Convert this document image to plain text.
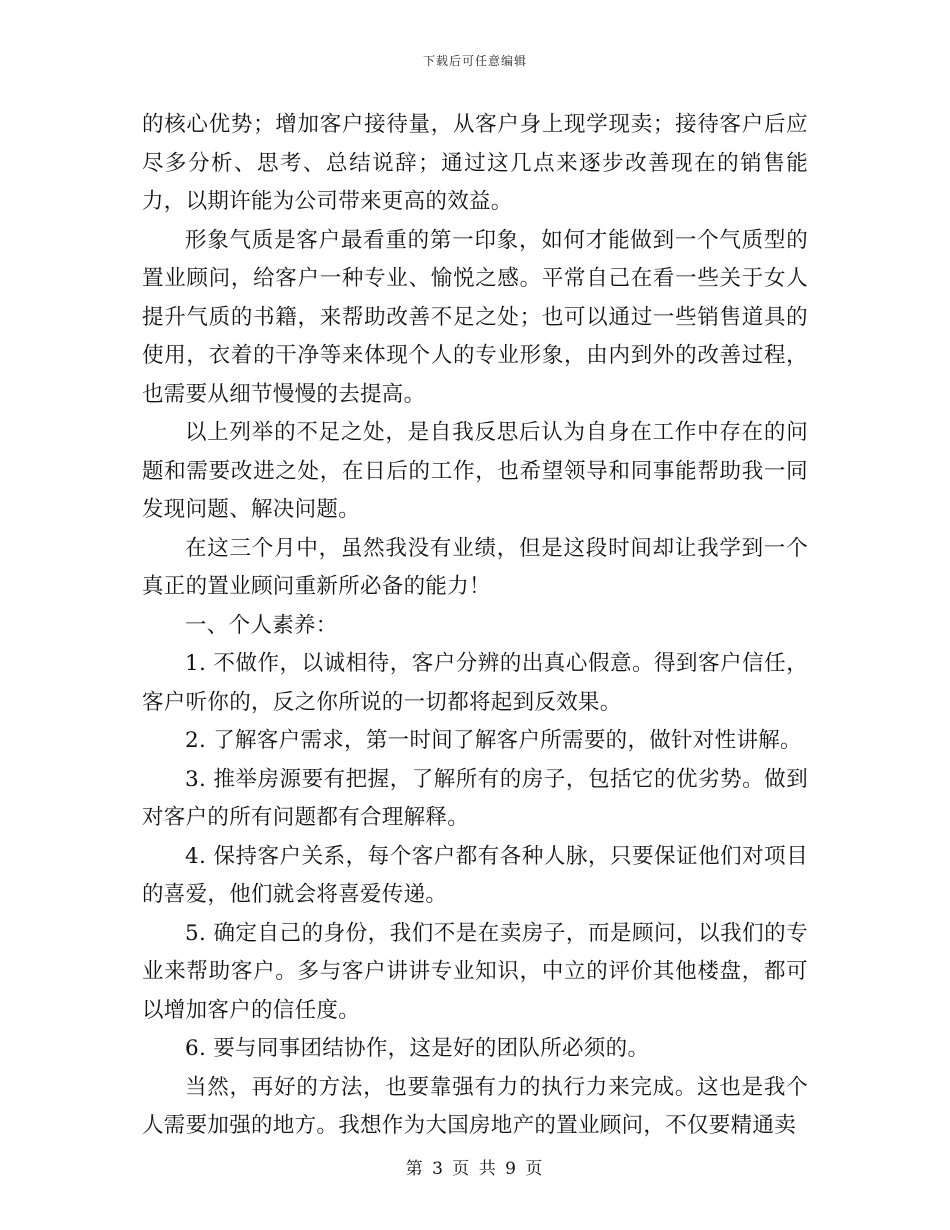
下载后可任意编辑

的核心优势；增加客户接待量，从客户身上现学现卖；接待客户后应尽多分析、思考、总结说辞；通过这几点来逐步改善现在的销售能力，以期许能为公司带来更高的效益。

形象气质是客户最看重的第一印象，如何才能做到一个气质型的置业顾问，给客户一种专业、愉悦之感。平常自己在看一些关于女人提升气质的书籍，来帮助改善不足之处；也可以通过一些销售道具的使用，衣着的干净等来体现个人的专业形象，由内到外的改善过程，也需要从细节慢慢的去提高。

以上列举的不足之处，是自我反思后认为自身在工作中存在的问题和需要改进之处，在日后的工作，也希望领导和同事能帮助我一同发现问题、解决问题。

在这三个月中，虽然我没有业绩，但是这段时间却让我学到一个真正的置业顾问重新所必备的能力！

一、个人素养：

1. 不做作，以诚相待，客户分辨的出真心假意。得到客户信任，客户听你的，反之你所说的一切都将起到反效果。

2. 了解客户需求，第一时间了解客户所需要的，做针对性讲解。

3. 推举房源要有把握，了解所有的房子，包括它的优劣势。做到对客户的所有问题都有合理解释。

4. 保持客户关系，每个客户都有各种人脉，只要保证他们对项目的喜爱，他们就会将喜爱传递。

5. 确定自己的身份，我们不是在卖房子，而是顾问，以我们的专业来帮助客户。多与客户讲讲专业知识，中立的评价其他楼盘，都可以增加客户的信任度。

6. 要与同事团结协作，这是好的团队所必须的。

当然，再好的方法，也要靠强有力的执行力来完成。这也是我个人需要加强的地方。我想作为大国房地产的置业顾问，不仅要精通卖

第 3 页 共 9 页
